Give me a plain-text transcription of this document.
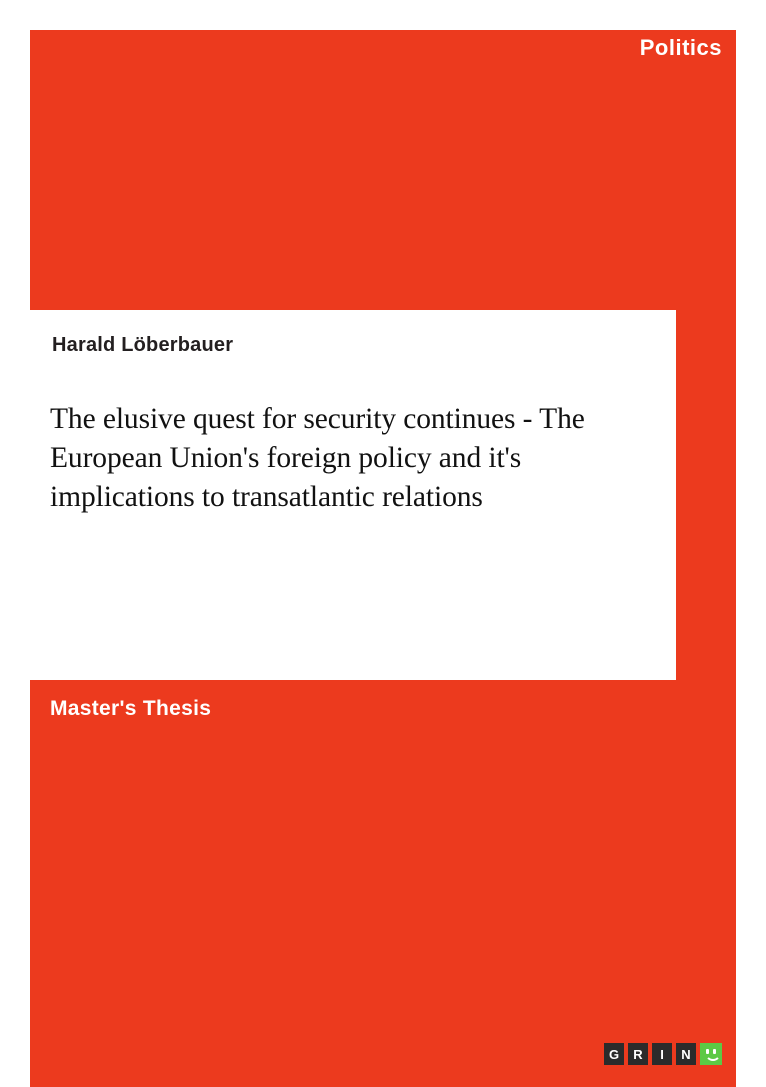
Politics
Harald Löberbauer
The elusive quest for security continues - The European Union's foreign policy and it's implications to transatlantic relations
Master's Thesis
G	R	I	N
